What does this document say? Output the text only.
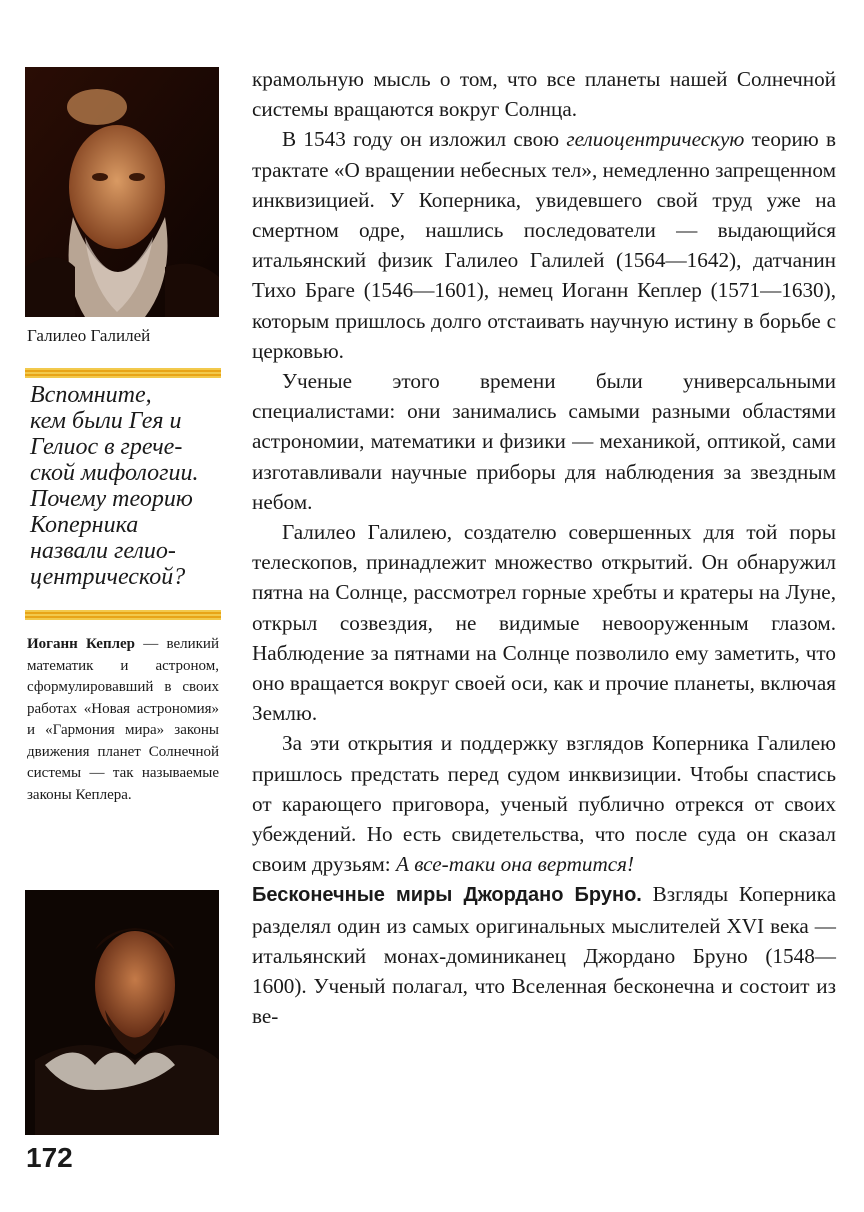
Галилео Галилей
Вспомните,
кем были Гея и
Гелиос в грече-
ской мифологии.
Почему теорию
Коперника
назвали гелио-
центрической?
Иоганн Кеплер — великий математик и астроном, сформулировавший в своих работах «Новая астрономия» и «Гармония мира» законы движения планет Солнечной системы — так называемые законы Кеплера.

крамольную мысль о том, что все планеты нашей Солнечной системы вращаются вокруг Солнца.

В 1543 году он изложил свою гелиоцентрическую теорию в трактате «О вращении небесных тел», немедленно запрещенном инквизицией. У Коперника, увидевшего свой труд уже на смертном одре, нашлись последователи — выдающийся итальянский физик Галилео Галилей (1564—1642), датчанин Тихо Браге (1546—1601), немец Иоганн Кеплер (1571—1630), которым пришлось долго отстаивать научную истину в борьбе с церковью.

Ученые этого времени были универсальными специалистами: они занимались самыми разными областями астрономии, математики и физики — механикой, оптикой, сами изготавливали научные приборы для наблюдения за звездным небом.

Галилео Галилею, создателю совершенных для той поры телескопов, принадлежит множество открытий. Он обнаружил пятна на Солнце, рассмотрел горные хребты и кратеры на Луне, открыл созвездия, не видимые невооруженным глазом. Наблюдение за пятнами на Солнце позволило ему заметить, что оно вращается вокруг своей оси, как и прочие планеты, включая Землю.

За эти открытия и поддержку взглядов Коперника Галилею пришлось предстать перед судом инквизиции. Чтобы спастись от карающего приговора, ученый публично отрекся от своих убеждений. Но есть свидетельства, что после суда он сказал своим друзьям: А все-таки она вертится!

Бесконечные миры Джордано Бруно. Взгляды Коперника разделял один из самых оригинальных мыслителей XVI века — итальянский монах-доминиканец Джордано Бруно (1548—1600). Ученый полагал, что Вселенная бесконечна и состоит из ве-

172
